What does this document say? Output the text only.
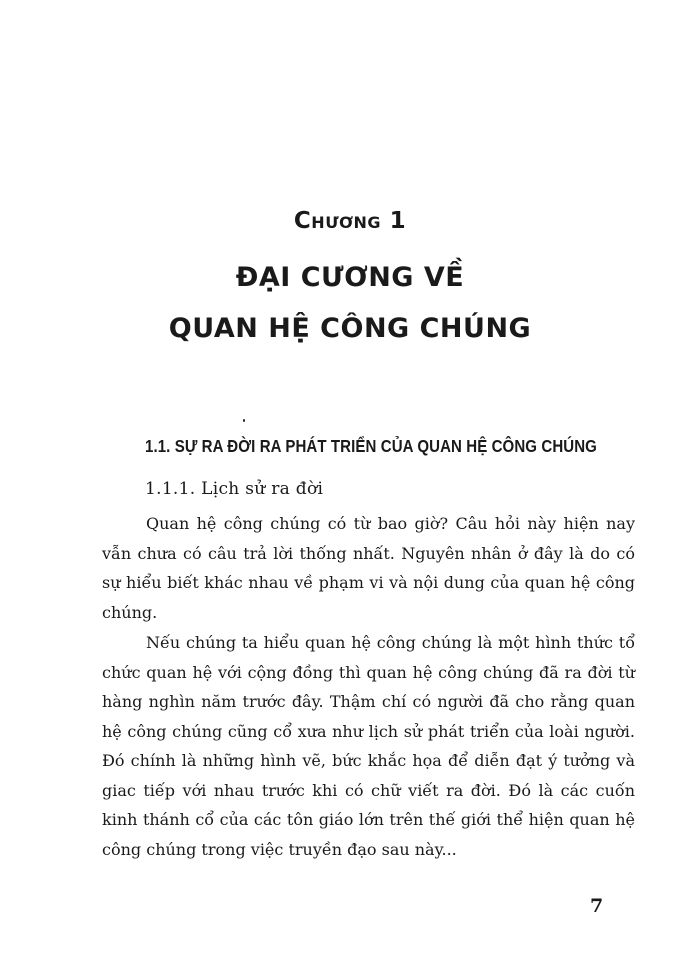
Chương 1
ĐẠI CƯƠNG VỀ
QUAN HỆ CÔNG CHÚNG
1.1. SỰ RA ĐỜI RA PHÁT TRIỂN CỦA QUAN HỆ CÔNG CHÚNG
1.1.1. Lịch sử ra đời

Quan hệ công chúng có từ bao giờ? Câu hỏi này hiện nay vẫn chưa có câu trả lời thống nhất. Nguyên nhân ở đây là do có sự hiểu biết khác nhau về phạm vi và nội dung của quan hệ công chúng.

Nếu chúng ta hiểu quan hệ công chúng là một hình thức tổ chức quan hệ với cộng đồng thì quan hệ công chúng đã ra đời từ hàng nghìn năm trước đây. Thậm chí có người đã cho rằng quan hệ công chúng cũng cổ xưa như lịch sử phát triển của loài người. Đó chính là những hình vẽ, bức khắc họa để diễn đạt ý tưởng và giac tiếp với nhau trước khi có chữ viết ra đời. Đó là các cuốn kinh thánh cổ của các tôn giáo lớn trên thế giới thể hiện quan hệ công chúng trong việc truyền đạo sau này...

7
